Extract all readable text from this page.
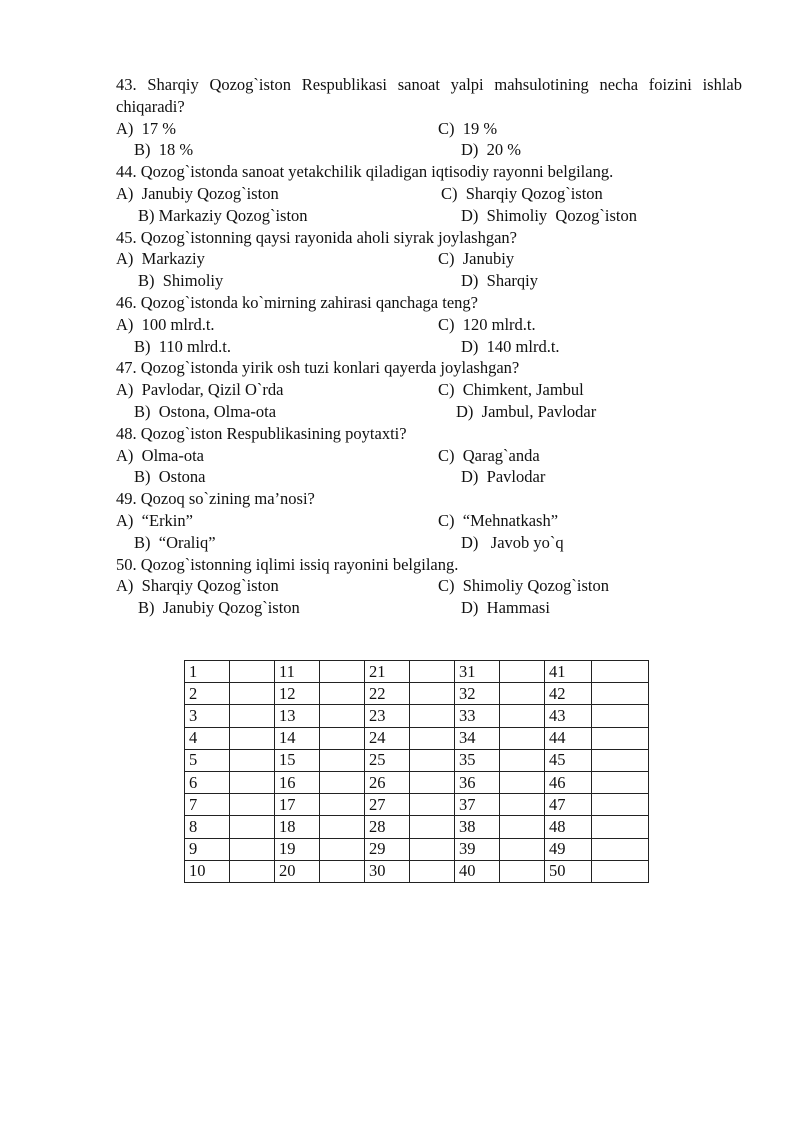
43. Sharqiy Qozog`iston Respublikasi sanoat yalpi mahsulotining necha foizini ishlab chiqaradi?
A)  17 %	C)  19 %
B)  18 %	D)  20 %
44. Qozog`istonda sanoat yetakchilik qiladigan iqtisodiy rayonni belgilang.
A)  Janubiy Qozog`iston	C)  Sharqiy Qozog`iston
B) Markaziy Qozog`iston	D)  Shimoliy  Qozog`iston
45. Qozog`istonning qaysi rayonida aholi siyrak joylashgan?
A)  Markaziy	C)  Janubiy
B)  Shimoliy	D)  Sharqiy
46. Qozog`istonda ko`mirning zahirasi qanchaga teng?
A)  100 mlrd.t.	C)  120 mlrd.t.
B)  110 mlrd.t.	D)  140 mlrd.t.
47. Qozog`istonda yirik osh tuzi konlari qayerda joylashgan?
A)  Pavlodar, Qizil O`rda	C)  Chimkent, Jambul
B)  Ostona, Olma-ota	D)  Jambul, Pavlodar
48. Qozog`iston Respublikasining poytaxti?
A)  Olma-ota	C)  Qarag`anda
B)  Ostona	D)  Pavlodar
49. Qozoq so`zining ma’nosi?
A)  “Erkin”	C)  “Mehnatkash”
B)  “Oraliq”	D)   Javob yo`q
50. Qozog`istonning iqlimi issiq rayonini belgilang.
A)  Sharqiy Qozog`iston	C)  Shimoliy Qozog`iston
B)  Janubiy Qozog`iston	D)  Hammasi
1		11		21		31		41	
2		12		22		32		42	
3		13		23		33		43	
4		14		24		34		44	
5		15		25		35		45	
6		16		26		36		46	
7		17		27		37		47	
8		18		28		38		48	
9		19		29		39		49	
10		20		30		40		50	
